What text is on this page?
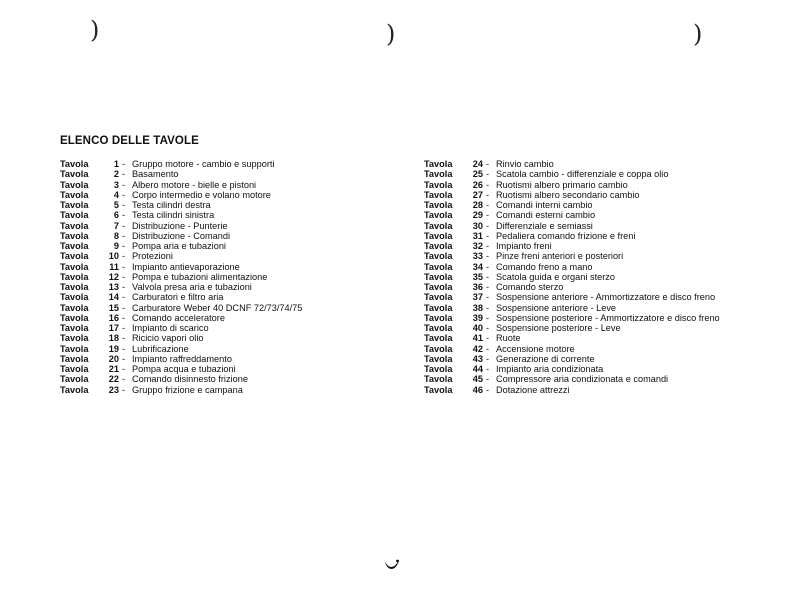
)	)	)
ELENCO DELLE TAVOLE
Tavola	1 - Gruppo motore - cambio e supporti
Tavola	2 - Basamento
Tavola	3 - Albero motore - bielle e pistoni
Tavola	4 - Corpo intermedio e volano motore
Tavola	5 - Testa cilindri destra
Tavola	6 - Testa cilindri sinistra
Tavola	7 - Distribuzione - Punterie
Tavola	8 - Distribuzione - Comandi
Tavola	9 - Pompa aria e tubazioni
Tavola	10 - Protezioni
Tavola	11 - Impianto antievaporazione
Tavola	12 - Pompa e tubazioni alimentazione
Tavola	13 - Valvola presa aria e tubazioni
Tavola	14 - Carburatori e filtro aria
Tavola	15 - Carburatore Weber 40 DCNF 72/73/74/75
Tavola	16 - Comando acceleratore
Tavola	17 - Impianto di scarico
Tavola	18 - Ricicio vapori olio
Tavola	19 - Lubrificazione
Tavola	20 - Impianto raffreddamento
Tavola	21 - Pompa acqua e tubazioni
Tavola	22 - Comando disinnesto frizione
Tavola	23 - Gruppo frizione e campana
Tavola	24 - Rinvio cambio
Tavola	25 - Scatola cambio - differenziale e coppa olio
Tavola	26 - Ruotismi albero primario cambio
Tavola	27 - Ruotismi albero secondario cambio
Tavola	28 - Comandi interni cambio
Tavola	29 - Comandi esterni cambio
Tavola	30 - Differenziale e semiassi
Tavola	31 - Pedaliera comando frizione e freni
Tavola	32 - Impianto freni
Tavola	33 - Pinze freni anteriori e posteriori
Tavola	34 - Comando freno a mano
Tavola	35 - Scatola guida e organi sterzo
Tavola	36 - Comando sterzo
Tavola	37 - Sospensione anteriore - Ammortizzatore e disco freno
Tavola	38 - Sospensione anteriore - Leve
Tavola	39 - Sospensione posteriore - Ammortizzatore e disco freno
Tavola	40 - Sospensione posteriore - Leve
Tavola	41 - Ruote
Tavola	42 - Accensione motore
Tavola	43 - Generazione di corrente
Tavola	44 - Impianto aria condizionata
Tavola	45 - Compressore aria condizionata e comandi
Tavola	46 - Dotazione attrezzi
